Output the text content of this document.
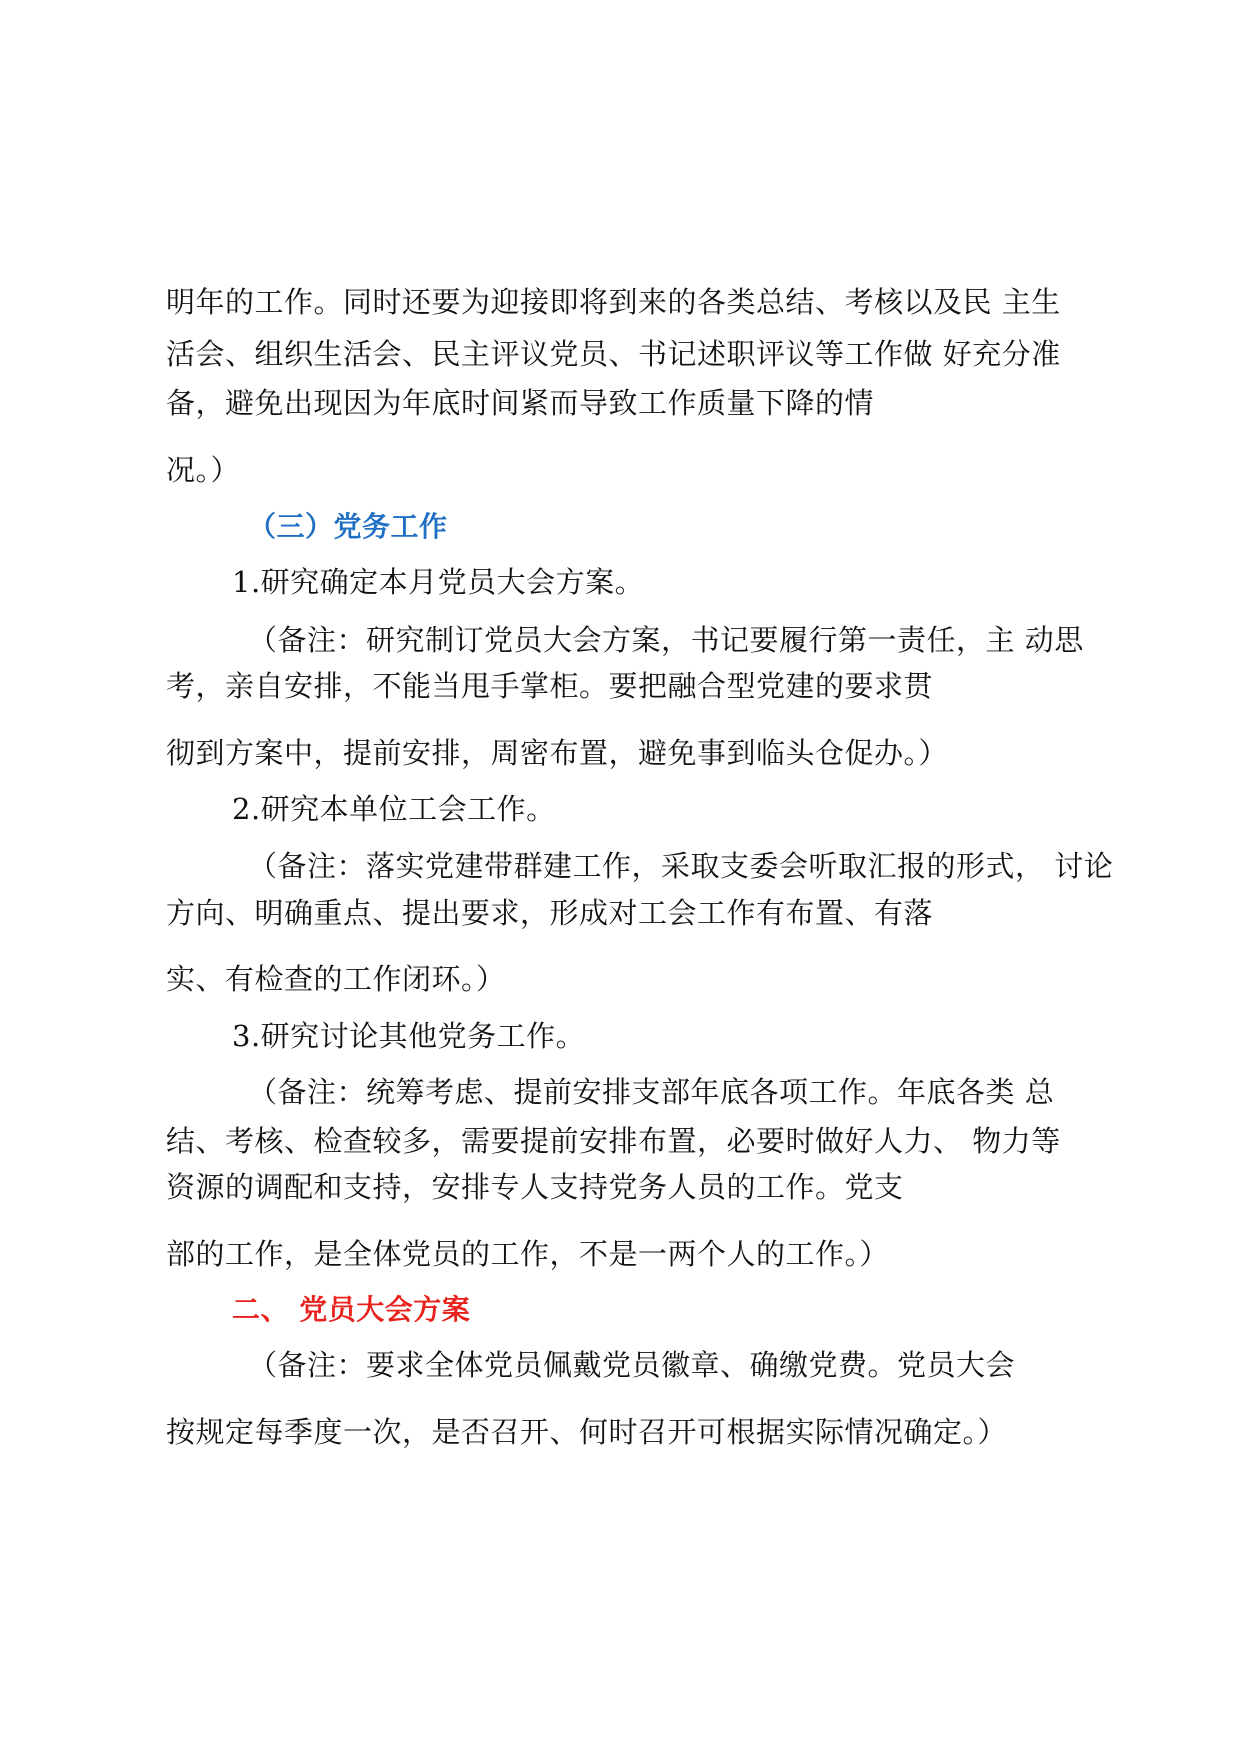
明年的工作。同时还要为迎接即将到来的各类总结、考核以及民 主生
活会、组织生活会、民主评议党员、书记述职评议等工作做 好充分准
备，避免出现因为年底时间紧而导致工作质量下降的情
况。）
（三）党务工作
1.研究确定本月党员大会方案。
（备注：研究制订党员大会方案，书记要履行第一责任，主 动思
考，亲自安排，不能当甩手掌柜。要把融合型党建的要求贯
彻到方案中，提前安排，周密布置，避免事到临头仓促办。）
2.研究本单位工会工作。
（备注：落实党建带群建工作，采取支委会听取汇报的形式， 讨论
方向、明确重点、提出要求，形成对工会工作有布置、有落
实、有检查的工作闭环。）
3.研究讨论其他党务工作。
（备注：统筹考虑、提前安排支部年底各项工作。年底各类 总
结、考核、检查较多，需要提前安排布置，必要时做好人力、 物力等
资源的调配和支持，安排专人支持党务人员的工作。党支
部的工作，是全体党员的工作，不是一两个人的工作。）
二、 党员大会方案
（备注：要求全体党员佩戴党员徽章、确缴党费。党员大会
按规定每季度一次，是否召开、何时召开可根据实际情况确定。）
